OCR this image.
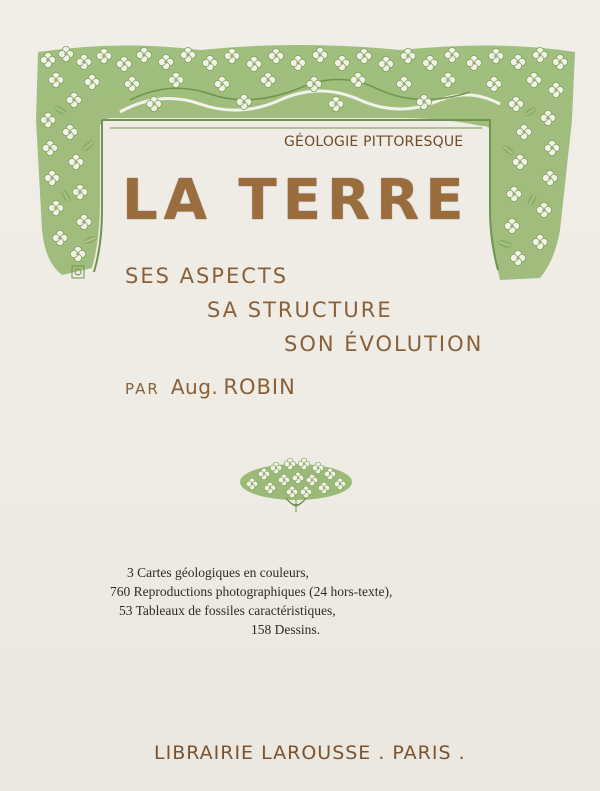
GÉOLOGIE PITTORESQUE
LA TERRE
SES ASPECTS
SA STRUCTURE
SON ÉVOLUTION
PAR Aug. ROBIN
3 Cartes géologiques en couleurs,
760 Reproductions photographiques (24 hors-texte),
53 Tableaux de fossiles caractéristiques,
158 Dessins.
LIBRAIRIE LAROUSSE . PARIS .
